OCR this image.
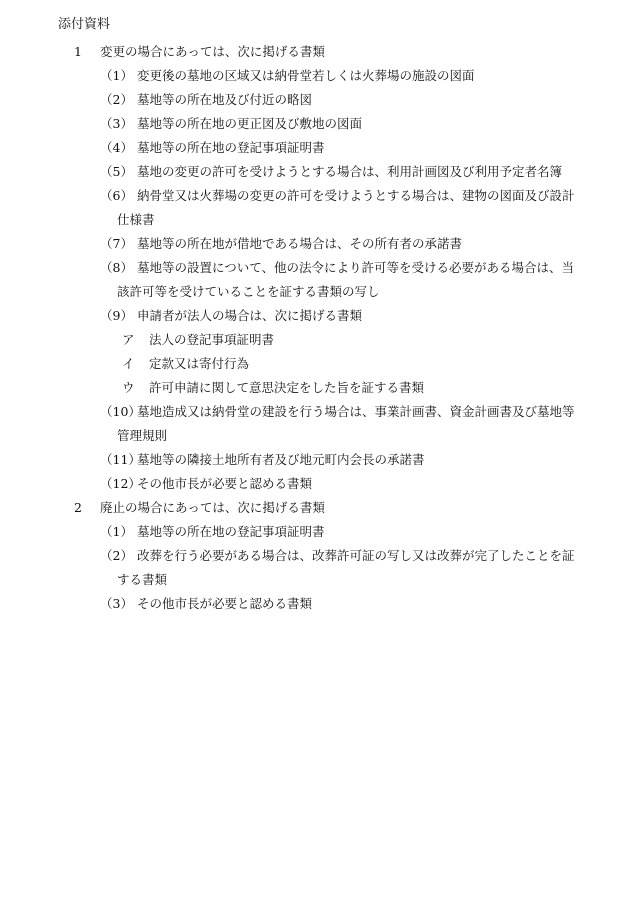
添付資料
1 変更の場合にあっては、次に掲げる書類
（1） 変更後の墓地の区域又は納骨堂若しくは火葬場の施設の図面
（2） 墓地等の所在地及び付近の略図
（3） 墓地等の所在地の更正図及び敷地の図面
（4） 墓地等の所在地の登記事項証明書
（5） 墓地の変更の許可を受けようとする場合は、利用計画図及び利用予定者名簿
（6） 納骨堂又は火葬場の変更の許可を受けようとする場合は、建物の図面及び設計
仕様書
（7） 墓地等の所在地が借地である場合は、その所有者の承諾書
（8） 墓地等の設置について、他の法令により許可等を受ける必要がある場合は、当
該許可等を受けていることを証する書類の写し
（9） 申請者が法人の場合は、次に掲げる書類
ア 法人の登記事項証明書
イ 定款又は寄付行為
ウ 許可申請に関して意思決定をした旨を証する書類
（10）
墓地造成又は納骨堂の建設を行う場合は、事業計画書、資金計画書及び墓地等
管理規則
（11）
墓地等の隣接土地所有者及び地元町内会長の承諾書
（12）
その他市長が必要と認める書類
2 廃止の場合にあっては、次に掲げる書類
（1） 墓地等の所在地の登記事項証明書
（2） 改葬を行う必要がある場合は、改葬許可証の写し又は改葬が完了したことを証
する書類
（3） その他市長が必要と認める書類
